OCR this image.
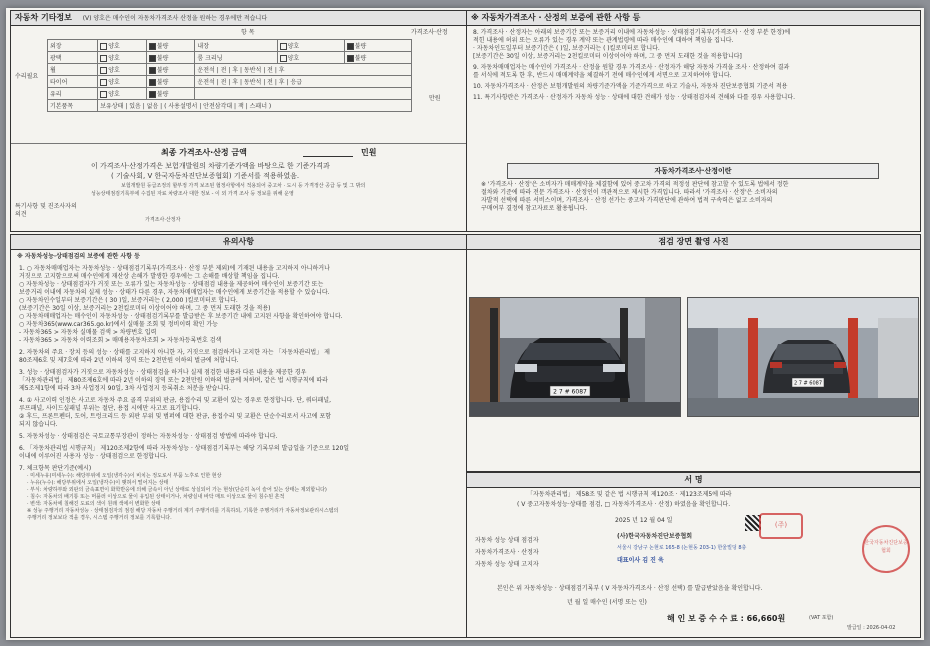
자동차 기타정보 (V) 양호은 매수인이 자동차가격조사 산정을 원하는 경우에만 적습니다
항 목	가격조사·산정
수리필요
외장	양호	불량	내장	양호	불량
광택	양호	불량	룸 크리닝	양호	불량
휠	양호	불량	운전석 | 전 | 후 | 동반석 | 전 | 후		
타이어	양호	불량	운전석 | 전 | 후 | 동반석 | 전 | 후 | 응급		
유리	양호	불량			
기본품목	보유상태 | 있음 | 없음 | ( 사용설명서 | 안전삼각대 | 잭 | 스패너 )				
만원
최종 가격조사·산정 금액	민원
이 가격조사·산정가격은 보험개발원의 차량기준가액을 바탕으로 한 기준가격과
( 기술사회, V 한국자동차진단보증협회) 기준서를 적용하였음.
보험개발원 등급조정의 할부정 가격 보조된 협정사항에서 적용되어 중고차 · 도시 등 가격정산 공급 등 및 그 밖의
성능상태점검기록부에 수집된 자료 차량조사 대한 정보 - 이 외 가격 조사 등 정보를 위해 운영
특기사항 및 진조사자의 의견
가격조사·산정자
※ 자동차가격조사 · 산정의 보증에 관한 사항 등
8. 가격조사 · 산정자는 아래의 보증기간 또는 보증거리 이내에 자동차성능 · 상태점검기록부(가격조사 · 산정 부분 한정)에
적힌 내용에 허위 또는 오류가 있는 경우 계약 또는 관계법령에 따라 매수인에 대하여 책임을 집니다.
· 자동차인도일부터 보증기간은 ( )일, 보증거리는 ( )킬로미터로 합니다.
[보증기간은 30일 이상, 보증거리는 2천킬로미터 이상이어야 하며, 그 중 먼저 도래한 것을 적용합니다]
9. 자동차매매업자는 매수인이 가격조사 · 산정을 원할 경우 가격조사 · 산정자가 해당 자동차 가격을 조사 · 산정하여 결과
를 서식에 적도록 한 후, 반드시 매매계약을 체결하기 전에 매수인에게 서면으로 고지하여야 합니다.
10. 자동차가격조사 · 산정은 보험개발원의 차량기준가액을 기준가격으로 하고 기술사, 자동차 진단보증협회 기준서 적용
11. 특기사항란은 가격조사 · 산정자가 자동차 성능 · 상태에 대한 견해가 성능 · 상태점검자의 견해와 다를 경우 사용합니다.
자동차가격조사·산정이란
※ '가격조사 · 산정'은 소비자가 매매계약을 체결함에 있어 중고차 가격의 적정성 판단에 참고할 수 있도록 법에서 정한
절차와 기준에 따라 전문 가격조사 · 산정인이 객관적으로 제시한 가격입니다. 따라서 '가격조사 · 산정'은 소비자의
자발적 선택에 따른 서비스이며, 가격조사 · 산정 선가는 중고차 가격판단에 관하여 법적 구속력은 없고 소비자의
구매여부 결정에 참고자료로 활용됩니다.
유의사항
※ 자동차성능·상태점검의 보증에 관한 사항 등
1. ○ 자동차매매업자는 자동차성능 · 상태점검기록부(가격조사 · 산정 부분 제외)에 기재된 내용을 고지하지 아니하거나
거짓으로 고지함으로써 매수인에게 재산상 손해가 발생한 경우에는 그 손해를 배상할 책임을 집니다.
○ 자동차성능 · 상태점검자가 거짓 또는 오류가 있는 자동차성능 · 상태점검 내용을 제공하여 매수인이 보증기간 또는
보증거리 이내에 자동차의 실제 성능 · 상태가 다른 경우, 자동차매매업자는 매수인에게 보증기간을 적용할 수 있습니다.
○ 자동차인수일부터 보증기간은 ( 30 )일, 보증거리는 ( 2,000 )킬로미터로 합니다.
(보증기간은 30일 이상, 보증거리는 2천킬로미터 이상이어야 하며, 그 중 먼저 도래한 것을 적용)
○ 자동차매매업자는 매수인이 자동차성능 · 상태점검기록부를 발급받은 후 보증기간 내에 고지된 사항을 확인하여야 합니다.
○ 자동차365(www.car365.go.kr)에서 실매물 조회 및 정비이력 확인 가능
- 자동차365 > 자동차 실매물 검색 > 차량번호 입력
- 자동차365 > 자동차 이력조회 > 매매용자동차조회 > 자동차등록번호 검색
2. 자동차의 주요 · 장치 등의 성능 · 상태를 고지하지 아니한 자, 거짓으로 점검하거나 고지한 자는 「자동차관리법」 제
80조제6호 및 제7호에 따라 2년 이하의 징역 또는 2천만원 이하의 벌금에 처합니다.
3. 성능 · 상태점검자가 거짓으로 자동차성능 · 상태점검을 하거나 실제 점검한 내용과 다른 내용을 제공한 경우
「자동차관리법」 제80조제6호에 따라 2년 이하의 징역 또는 2천만원 이하의 벌금에 처하며, 같은 법 시행규칙에 따라
제5조제1항에 따라 3차 사업정지 90일, 3차 사업정지 등록취소 처분을 받습니다.
4. ① 사고이력 인정은 사고로 자동차 주요 골격 부위의 판금, 용접수리 및 교환이 있는 경우로 한정합니다. 단, 쿼터패널,
루프패널, 사이드실패널 부위는 절단, 용접 시에만 사고로 표기합니다.
② 후드, 프론트펜더, 도어, 트렁크리드 등 외판 부위 및 범퍼에 대한 판금, 용접수리 및 교환은 단순수리로서 사고에 포함
되지 않습니다.
5. 자동차성능 · 상태점검은 국토교통부장관이 정하는 자동차성능 · 상태점검 방법에 따라야 합니다.
6. 「자동차관리법 시행규칙」 제120조제2항에 따라 자동차성능 · 상태점검기록부는 해당 기록부의 발급일을 기준으로 120일
이내에 이루어진 사용자 성능 · 상태점검으로 한정합니다.
7. 체크항목 판단기준(예시)
· 미세누유(미세누수): 해당부위에 오일(냉각수)이 비치는 정도로서 부품 노후로 인한 현상
· 누유(누수): 해당부위에서 오일(냉각수)이 맺혀서 떨어지는 상태
· 부식: 차량하부와 외판의 금속표면이 화학반응에 의해 금속이 아닌 상태로 상실되어 가는 현상(단순히 녹이 슬어 있는 상태는 제외합니다)
· 침수: 자동차의 배기통 또는 머플러 이상으로 물이 유입된 상태이거나, 차량실내 바닥 매트 이상으로 물이 침수된 흔적
· 변색: 자동차에 칠해진 도료의 색이 원래 색에서 변화한 상태
※ 성능 주행거리 자동차성능 · 상태점검자의 점검 해당 자동차 주행거리 계기 주행거리를 기록하되, 기록한 주행거리가 자동차정보관리시스템의
주행거리 정보보다 적을 경우, 시스템 주행거리 정보를 기록합니다.
점검 장면 촬영 사진
2 7 # 6087
2 7 # 6087
서 명
「자동차관리법」 제58조 및 같은 법 시행규칙 제120조 · 제123조제5에 따라
( V 중고자동차성능·상태를 점검, □ 자동차가격조사 · 산정) 하였음을 확인합니다.
2025 년 12 월 04 일
자동차 성능 상태 점검자
자동차가격조사 · 산정자
자동차 성능 상태 고지자
(사)한국자동차진단보증협회
서울시 강남구 논현로 165-8 (논현동 203-1) 한울빌딩 8층
대표이사 김 진 욱
(주)
한국자동차진단보증협회
본인은 위 자동차성능 · 상태점검기록부 ( V 자동차가격조사 · 산정 선택) 를 발급받았음을 확인합니다.
년 월 일 매수인 (서명 또는 인)
해 인 보 증 수 수 료 : 66,660원	(VAT 포함)
발급일 : 2026-04-02
